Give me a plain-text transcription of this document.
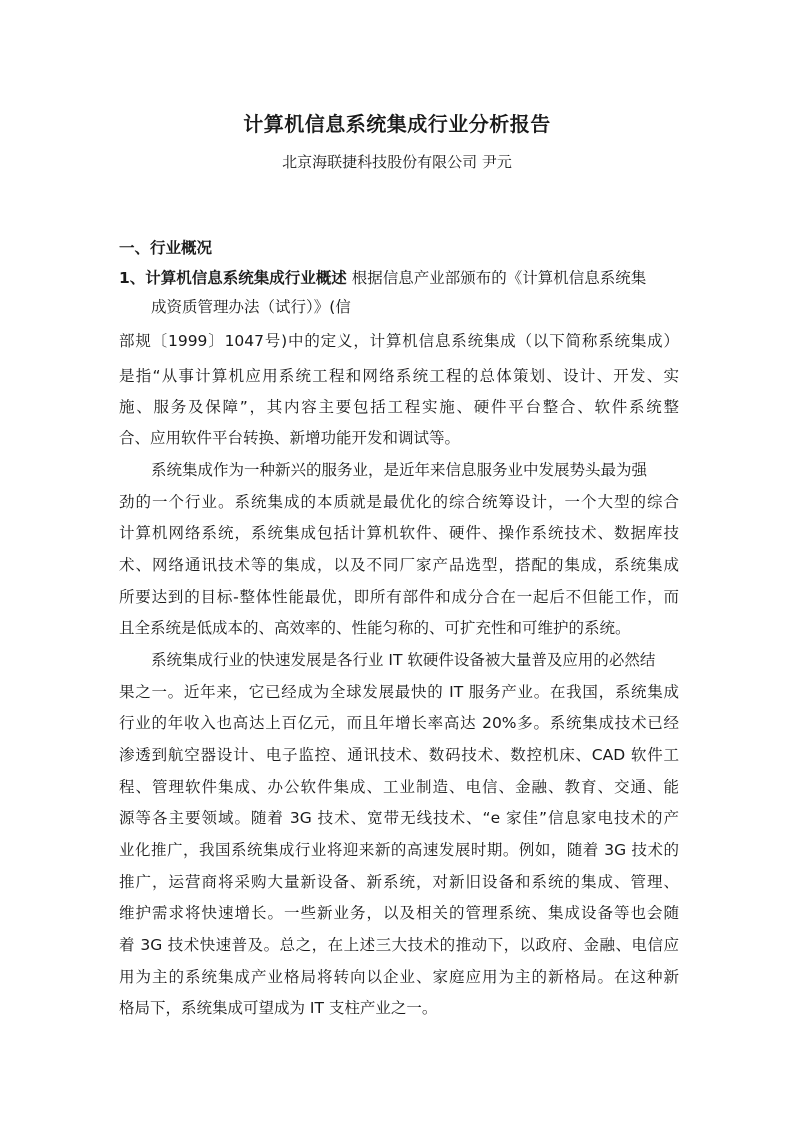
计算机信息系统集成行业分析报告
北京海联捷科技股份有限公司 尹元
一、行业概况
1、计算机信息系统集成行业概述 根据信息产业部颁布的《计算机信息系统集
成资质管理办法（试行）》(信
部规〔1999〕1047号)中的定义，计算机信息系统集成（以下简称系统集成）
是指“从事计算机应用系统工程和网络系统工程的总体策划、设计、开发、实
施、服务及保障”，其内容主要包括工程实施、硬件平台整合、软件系统整
合、应用软件平台转换、新增功能开发和调试等。
系统集成作为一种新兴的服务业，是近年来信息服务业中发展势头最为强
劲的一个行业。系统集成的本质就是最优化的综合统筹设计，一个大型的综合
计算机网络系统，系统集成包括计算机软件、硬件、操作系统技术、数据库技
术、网络通讯技术等的集成，以及不同厂家产品选型，搭配的集成，系统集成
所要达到的目标-整体性能最优，即所有部件和成分合在一起后不但能工作，而
且全系统是低成本的、高效率的、性能匀称的、可扩充性和可维护的系统。
系统集成行业的快速发展是各行业 IT 软硬件设备被大量普及应用的必然结
果之一。近年来，它已经成为全球发展最快的 IT 服务产业。在我国，系统集成
行业的年收入也高达上百亿元，而且年增长率高达 20%多。系统集成技术已经
渗透到航空器设计、电子监控、通讯技术、数码技术、数控机床、CAD 软件工
程、管理软件集成、办公软件集成、工业制造、电信、金融、教育、交通、能
源等各主要领域。随着 3G 技术、宽带无线技术、“e 家佳”信息家电技术的产
业化推广，我国系统集成行业将迎来新的高速发展时期。例如，随着 3G 技术的
推广，运营商将采购大量新设备、新系统，对新旧设备和系统的集成、管理、
维护需求将快速增长。一些新业务，以及相关的管理系统、集成设备等也会随
着 3G 技术快速普及。总之，在上述三大技术的推动下，以政府、金融、电信应
用为主的系统集成产业格局将转向以企业、家庭应用为主的新格局。在这种新
格局下，系统集成可望成为 IT 支柱产业之一。
